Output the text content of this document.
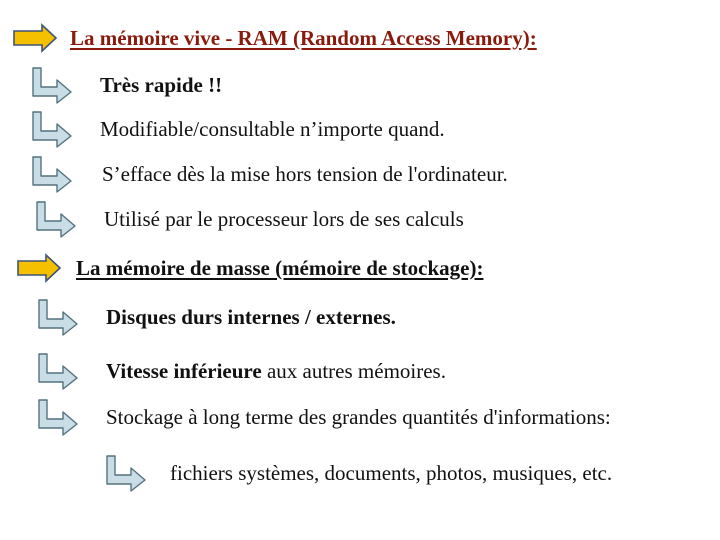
La mémoire vive - RAM (Random Access Memory):
Très rapide !!
Modifiable/consultable n’importe quand.
S’efface dès la mise hors tension de l'ordinateur.
Utilisé par le processeur lors de ses calculs
La mémoire de masse (mémoire de stockage):
Disques durs internes / externes.
Vitesse inférieure aux autres mémoires.
Stockage à long terme des grandes quantités d'informations:
fichiers systèmes, documents, photos, musiques, etc.
